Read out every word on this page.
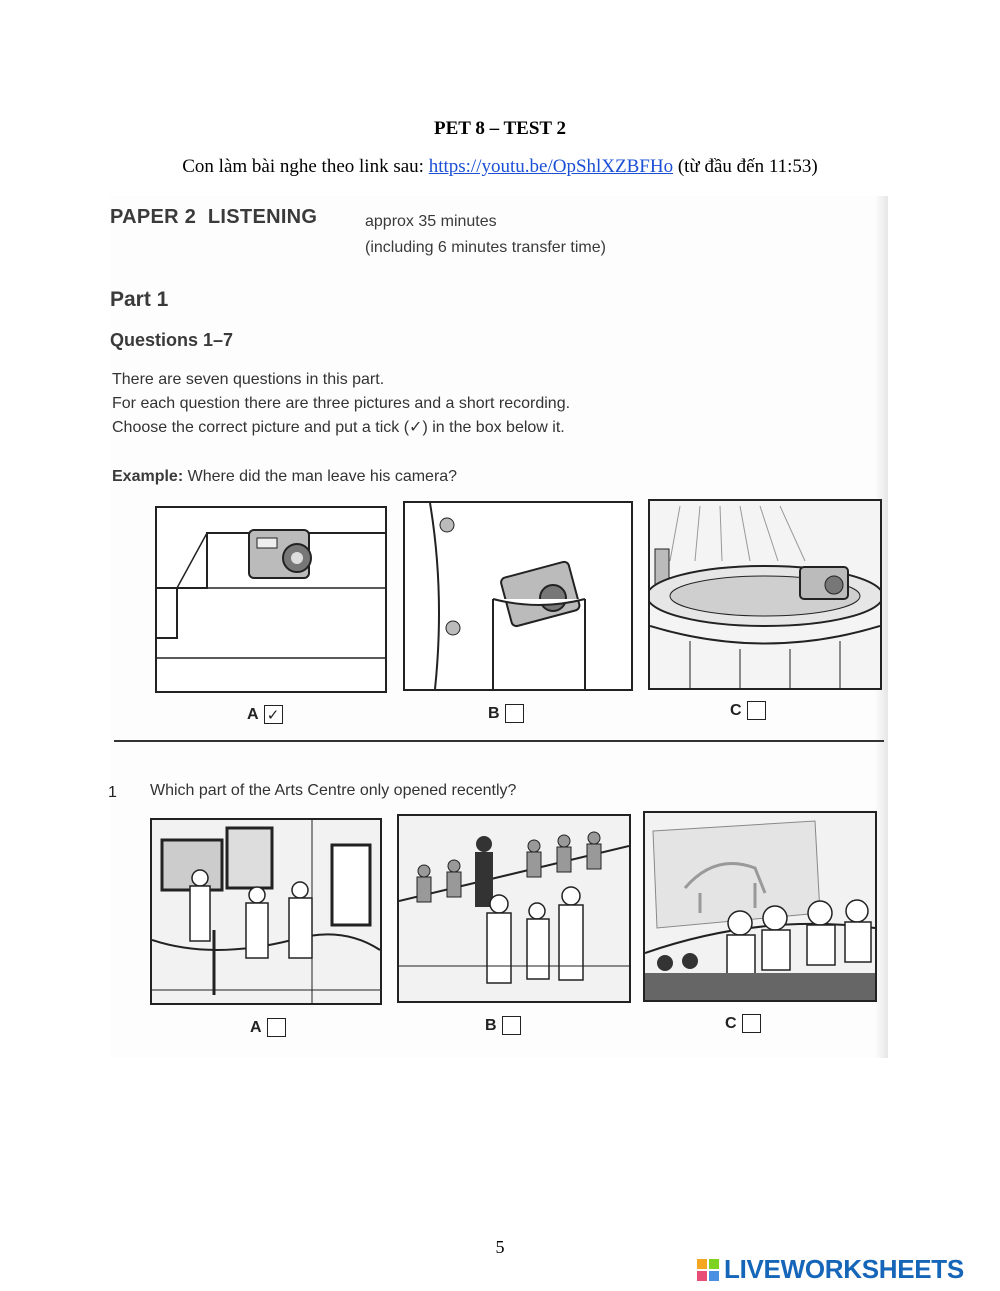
PET 8 – TEST 2
Con làm bài nghe theo link sau: https://youtu.be/OpShlXZBFHo (từ đầu đến 11:53)
PAPER 2  LISTENING	approx 35 minutes
(including 6 minutes transfer time)
Part 1
Questions 1–7
There are seven questions in this part.
For each question there are three pictures and a short recording.
Choose the correct picture and put a tick (✓) in the box below it.
Example: Where did the man leave his camera?
A ✓	B	C
1 Which part of the Arts Centre only opened recently?
A	B	C
5
LIVEWORKSHEETS
